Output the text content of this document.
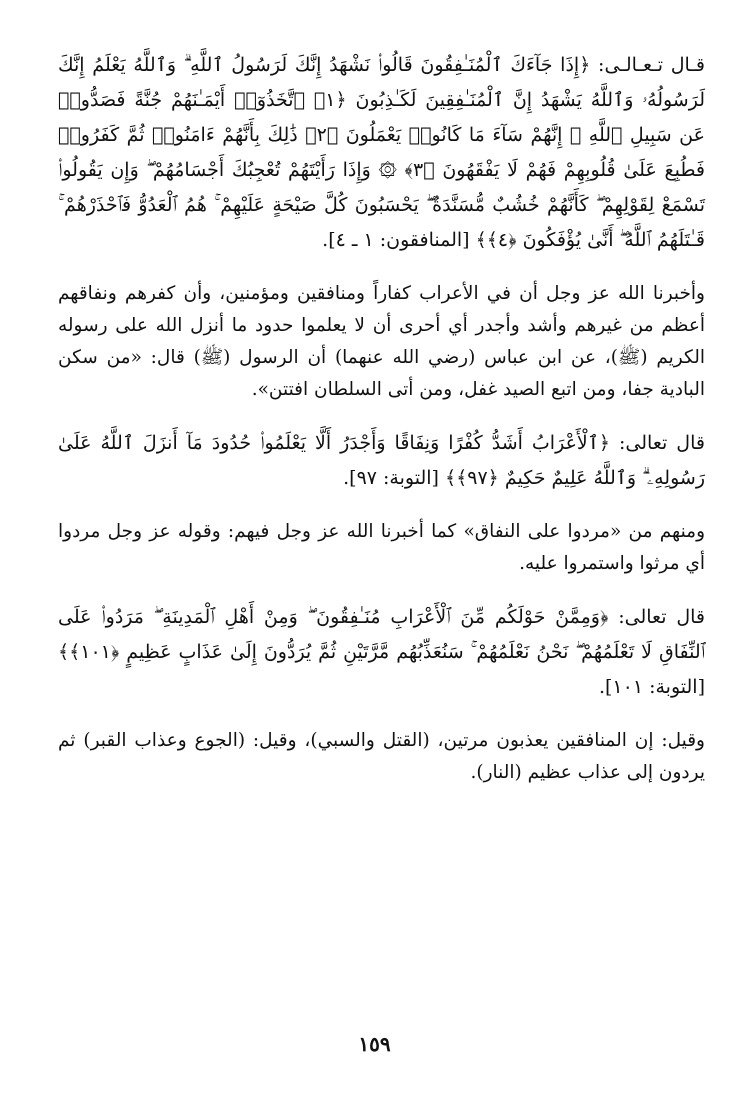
قـال تـعـالـى: ﴿إِذَا جَآءَكَ ٱلْمُنَـٰفِقُونَ قَالُوا۟ نَشْهَدُ إِنَّكَ لَرَسُولُ ٱللَّهِ ۗ وَٱللَّهُ يَعْلَمُ إِنَّكَ لَرَسُولُهُۥ وَٱللَّهُ يَشْهَدُ إِنَّ ٱلْمُنَـٰفِقِينَ لَكَـٰذِبُونَ ﴿١﴾ ٱتَّخَذُوٓا۟ أَيْمَـٰنَهُمْ جُنَّةً فَصَدُّوا۟ عَن سَبِيلِ ٱللَّهِ ۚ إِنَّهُمْ سَآءَ مَا كَانُوا۟ يَعْمَلُونَ ﴿٢﴾ ذَٰلِكَ بِأَنَّهُمْ ءَامَنُوا۟ ثُمَّ كَفَرُوا۟ فَطُبِعَ عَلَىٰ قُلُوبِهِمْ فَهُمْ لَا يَفْقَهُونَ ﴿٣﴾ ۞ وَإِذَا رَأَيْتَهُمْ تُعْجِبُكَ أَجْسَامُهُمْ ۖ وَإِن يَقُولُوا۟ تَسْمَعْ لِقَوْلِهِمْ ۖ كَأَنَّهُمْ خُشُبٌ مُّسَنَّدَةٌ ۖ يَحْسَبُونَ كُلَّ صَيْحَةٍ عَلَيْهِمْ ۚ هُمُ ٱلْعَدُوُّ فَٱحْذَرْهُمْ ۚ قَـٰتَلَهُمُ ٱللَّهُ ۖ أَنَّىٰ يُؤْفَكُونَ ﴿٤﴾﴾ [المنافقون: ١ ـ ٤].

وأخبرنا الله عز وجل أن في الأعراب كفاراً ومنافقين ومؤمنين، وأن كفرهم ونفاقهم أعظم من غيرهم وأشد وأجدر أي أحرى أن لا يعلموا حدود ما أنزل الله على رسوله الكريم (ﷺ)، عن ابن عباس (رضي الله عنهما) أن الرسول (ﷺ) قال: «من سكن البادية جفا، ومن اتبع الصيد غفل، ومن أتى السلطان افتتن».

قال تعالى: ﴿ٱلْأَعْرَابُ أَشَدُّ كُفْرًا وَنِفَاقًا وَأَجْدَرُ أَلَّا يَعْلَمُوا۟ حُدُودَ مَآ أَنزَلَ ٱللَّهُ عَلَىٰ رَسُولِهِۦ ۗ وَٱللَّهُ عَلِيمٌ حَكِيمٌ ﴿٩٧﴾﴾ [التوبة: ٩٧].

ومنهم من «مردوا على النفاق» كما أخبرنا الله عز وجل فيهم: وقوله عز وجل مردوا أي مرثوا واستمروا عليه.

قال تعالى: ﴿وَمِمَّنْ حَوْلَكُم مِّنَ ٱلْأَعْرَابِ مُنَـٰفِقُونَ ۖ وَمِنْ أَهْلِ ٱلْمَدِينَةِ ۖ مَرَدُوا۟ عَلَى ٱلنِّفَاقِ لَا تَعْلَمُهُمْ ۖ نَحْنُ نَعْلَمُهُمْ ۚ سَنُعَذِّبُهُم مَّرَّتَيْنِ ثُمَّ يُرَدُّونَ إِلَىٰ عَذَابٍ عَظِيمٍ ﴿١٠١﴾﴾ [التوبة: ١٠١].

وقيل: إن المنافقين يعذبون مرتين، (القتل والسبي)، وقيل: (الجوع وعذاب القبر) ثم يردون إلى عذاب عظيم (النار).

١٥٩
